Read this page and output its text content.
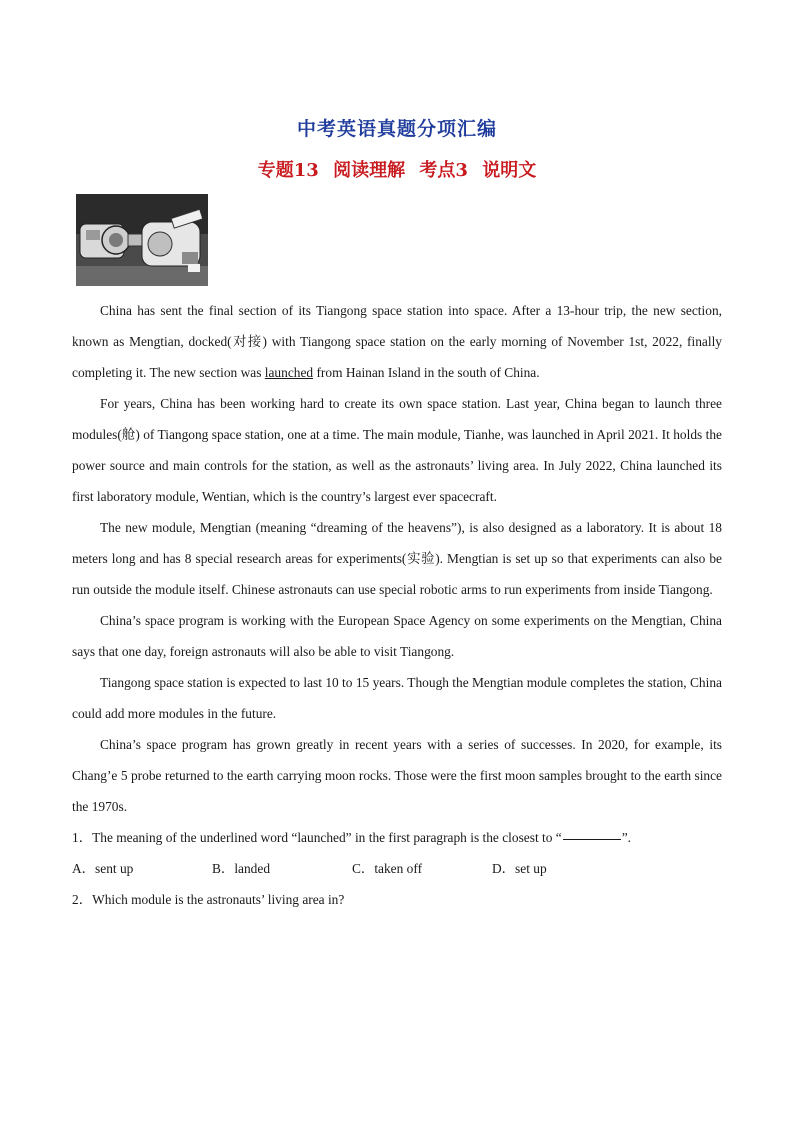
中考英语真题分项汇编
专题13 阅读理解 考点3 说明文

China has sent the final section of its Tiangong space station into space. After a 13-hour trip, the new section, known as Mengtian, docked(对接) with Tiangong space station on the early morning of November 1st, 2022, finally completing it. The new section was launched from Hainan Island in the south of China.

For years, China has been working hard to create its own space station. Last year, China began to launch three modules(舱) of Tiangong space station, one at a time. The main module, Tianhe, was launched in April 2021. It holds the power source and main controls for the station, as well as the astronauts’ living area. In July 2022, China launched its first laboratory module, Wentian, which is the country’s largest ever spacecraft.

The new module, Mengtian (meaning “dreaming of the heavens”), is also designed as a laboratory. It is about 18 meters long and has 8 special research areas for experiments(实验). Mengtian is set up so that experiments can also be run outside the module itself. Chinese astronauts can use special robotic arms to run experiments from inside Tiangong.

China’s space program is working with the European Space Agency on some experiments on the Mengtian, China says that one day, foreign astronauts will also be able to visit Tiangong.

Tiangong space station is expected to last 10 to 15 years. Though the Mengtian module completes the station, China could add more modules in the future.

China’s space program has grown greatly in recent years with a series of successes. In 2020, for example, its Chang’e 5 probe returned to the earth carrying moon rocks. Those were the first moon samples brought to the earth since the 1970s.

1．The meaning of the underlined word “launched” in the first paragraph is the closest to “	”.

A．sent up	B．landed	C．taken off	D．set up

2．Which module is the astronauts’ living area in?
